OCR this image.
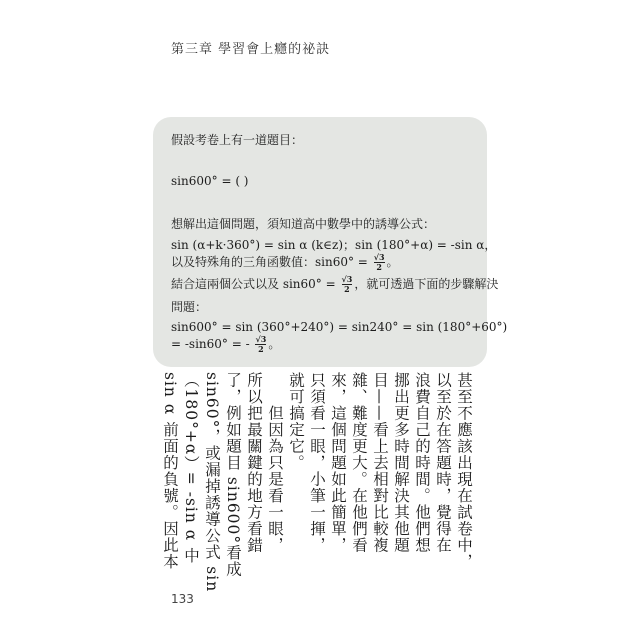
第三章 學習會上癮的祕訣
假設考卷上有一道題目：
sin600° = ( )
想解出這個問題，須知道高中數學中的誘導公式：
sin (α+k·360°) = sin α (k∈z)；sin (180°+α) = -sin α，
以及特殊角的三角函數值：$\sin 60^\circ = \frac{√3}{2}$ 。
結合這兩個公式以及 $\sin 60^\circ = \frac{√3}{2}$ ，就可透過下面的步驟解決
問題：
sin600° = sin (360°+240°) = sin240° = sin (180°+60°)
= -sin60° = - $\frac{√3}{2}$ 。
甚至不應該出現在試卷中，
以至於在答題時，覺得在
浪費自己的時間。他們想
挪出更多時間解決其他題
目——看上去相對比較複
雜、難度更大。在他們看
來，這個問題如此簡單，
只須看一眼，小筆一揮，
就可搞定它。
　　但因為只是看一眼，
所以把最關鍵的地方看錯
了，例如題目 sin600°看成
sin60°，或漏掉誘導公式 sin
（180°+α）= -sin α 中
sin α 前面的負號。因此本
133
